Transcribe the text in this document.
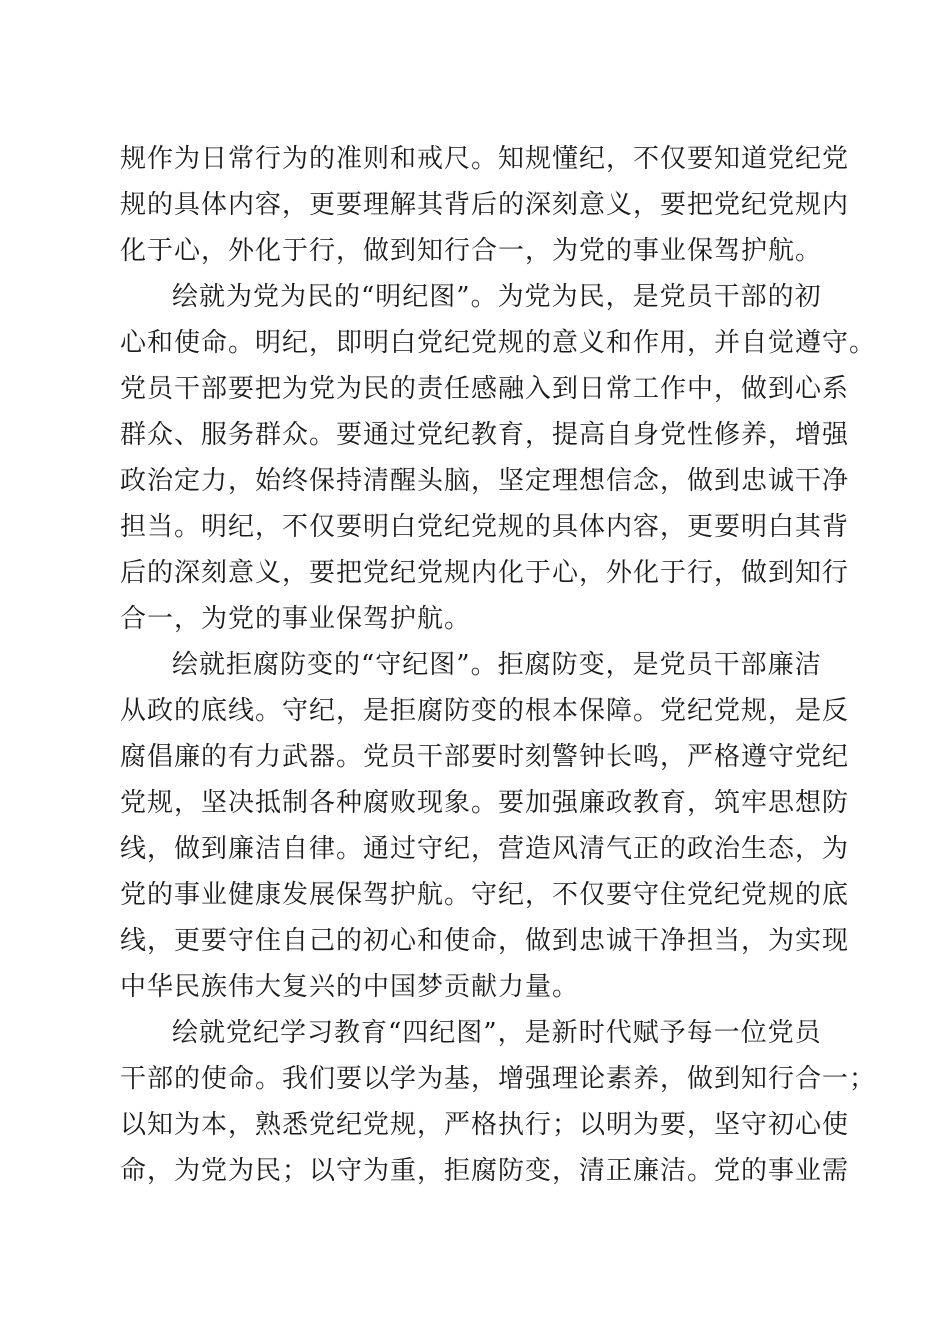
规作为日常行为的准则和戒尺。知规懂纪，不仅要知道党纪党
规的具体内容，更要理解其背后的深刻意义，要把党纪党规内
化于心，外化于行，做到知行合一，为党的事业保驾护航。
绘就为党为民的“明纪图”。为党为民，是党员干部的初
心和使命。明纪，即明白党纪党规的意义和作用，并自觉遵守。
党员干部要把为党为民的责任感融入到日常工作中，做到心系
群众、服务群众。要通过党纪教育，提高自身党性修养，增强
政治定力，始终保持清醒头脑，坚定理想信念，做到忠诚干净
担当。明纪，不仅要明白党纪党规的具体内容，更要明白其背
后的深刻意义，要把党纪党规内化于心，外化于行，做到知行
合一，为党的事业保驾护航。
绘就拒腐防变的“守纪图”。拒腐防变，是党员干部廉洁
从政的底线。守纪，是拒腐防变的根本保障。党纪党规，是反
腐倡廉的有力武器。党员干部要时刻警钟长鸣，严格遵守党纪
党规，坚决抵制各种腐败现象。要加强廉政教育，筑牢思想防
线，做到廉洁自律。通过守纪，营造风清气正的政治生态，为
党的事业健康发展保驾护航。守纪，不仅要守住党纪党规的底
线，更要守住自己的初心和使命，做到忠诚干净担当，为实现
中华民族伟大复兴的中国梦贡献力量。
绘就党纪学习教育“四纪图”，是新时代赋予每一位党员
干部的使命。我们要以学为基，增强理论素养，做到知行合一；
以知为本，熟悉党纪党规，严格执行；以明为要，坚守初心使
命，为党为民；以守为重，拒腐防变，清正廉洁。党的事业需
